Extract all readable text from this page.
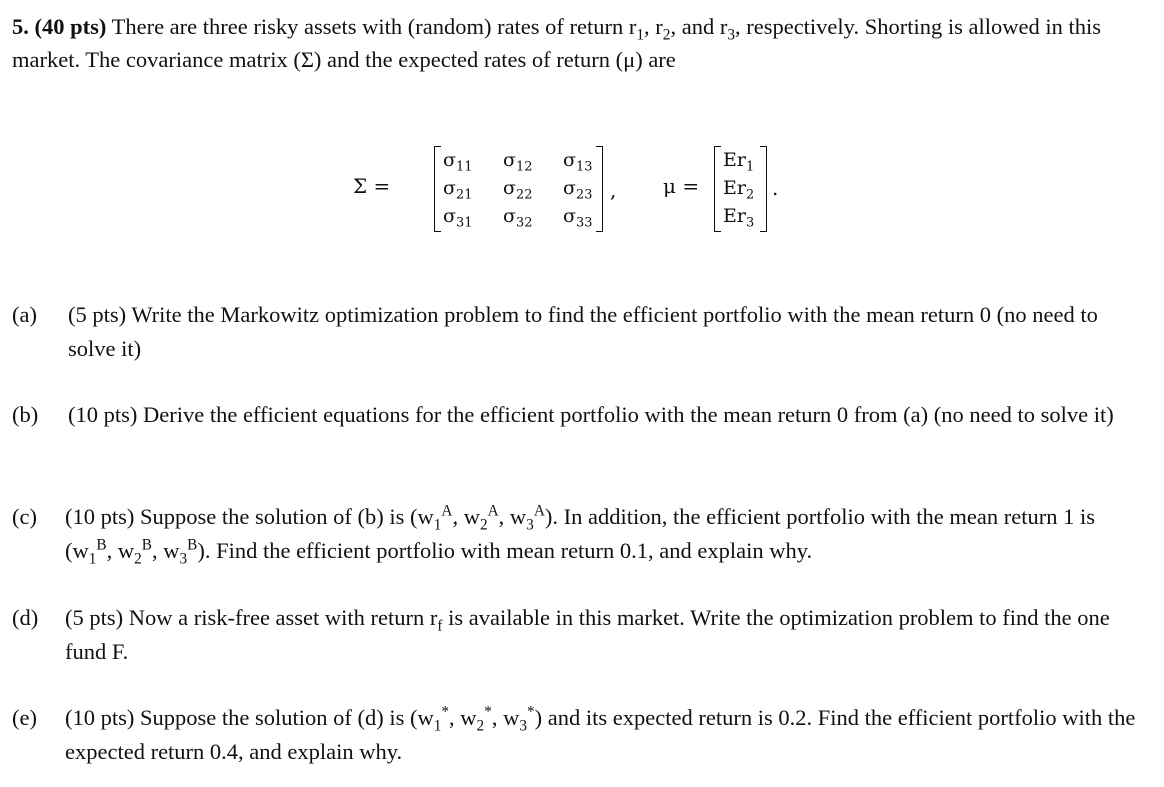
5. (40 pts) There are three risky assets with (random) rates of return $r_1$, $r_2$, and $r_3$, respectively. Shorting is allowed in this market. The covariance matrix (Σ) and the expected rates of return (μ) are
Σ =
$\sigma_{11}$	$\sigma_{12}$	$\sigma_{13}$
$\sigma_{21}$	$\sigma_{22}$	$\sigma_{23}$
$\sigma_{31}$	$\sigma_{32}$	$\sigma_{33}$
, μ =
$Er_1$
$Er_2$
$Er_3$
.
(a) (5 pts) Write the Markowitz optimization problem to find the efficient portfolio with the mean return 0 (no need to solve it)
(b) (10 pts) Derive the efficient equations for the efficient portfolio with the mean return 0 from (a) (no need to solve it)
(c) (10 pts) Suppose the solution of (b) is ($w_1^A$, $w_2^A$, $w_3^A$). In addition, the efficient portfolio with the mean return 1 is ($w_1^B$, $w_2^B$, $w_3^B$). Find the efficient portfolio with mean return 0.1, and explain why.
(d) (5 pts) Now a risk-free asset with return $r_f$ is available in this market. Write the optimization problem to find the one fund F.
(e) (10 pts) Suppose the solution of (d) is ($w_1^*$, $w_2^*$, $w_3^*$) and its expected return is 0.2. Find the efficient portfolio with the expected return 0.4, and explain why.
